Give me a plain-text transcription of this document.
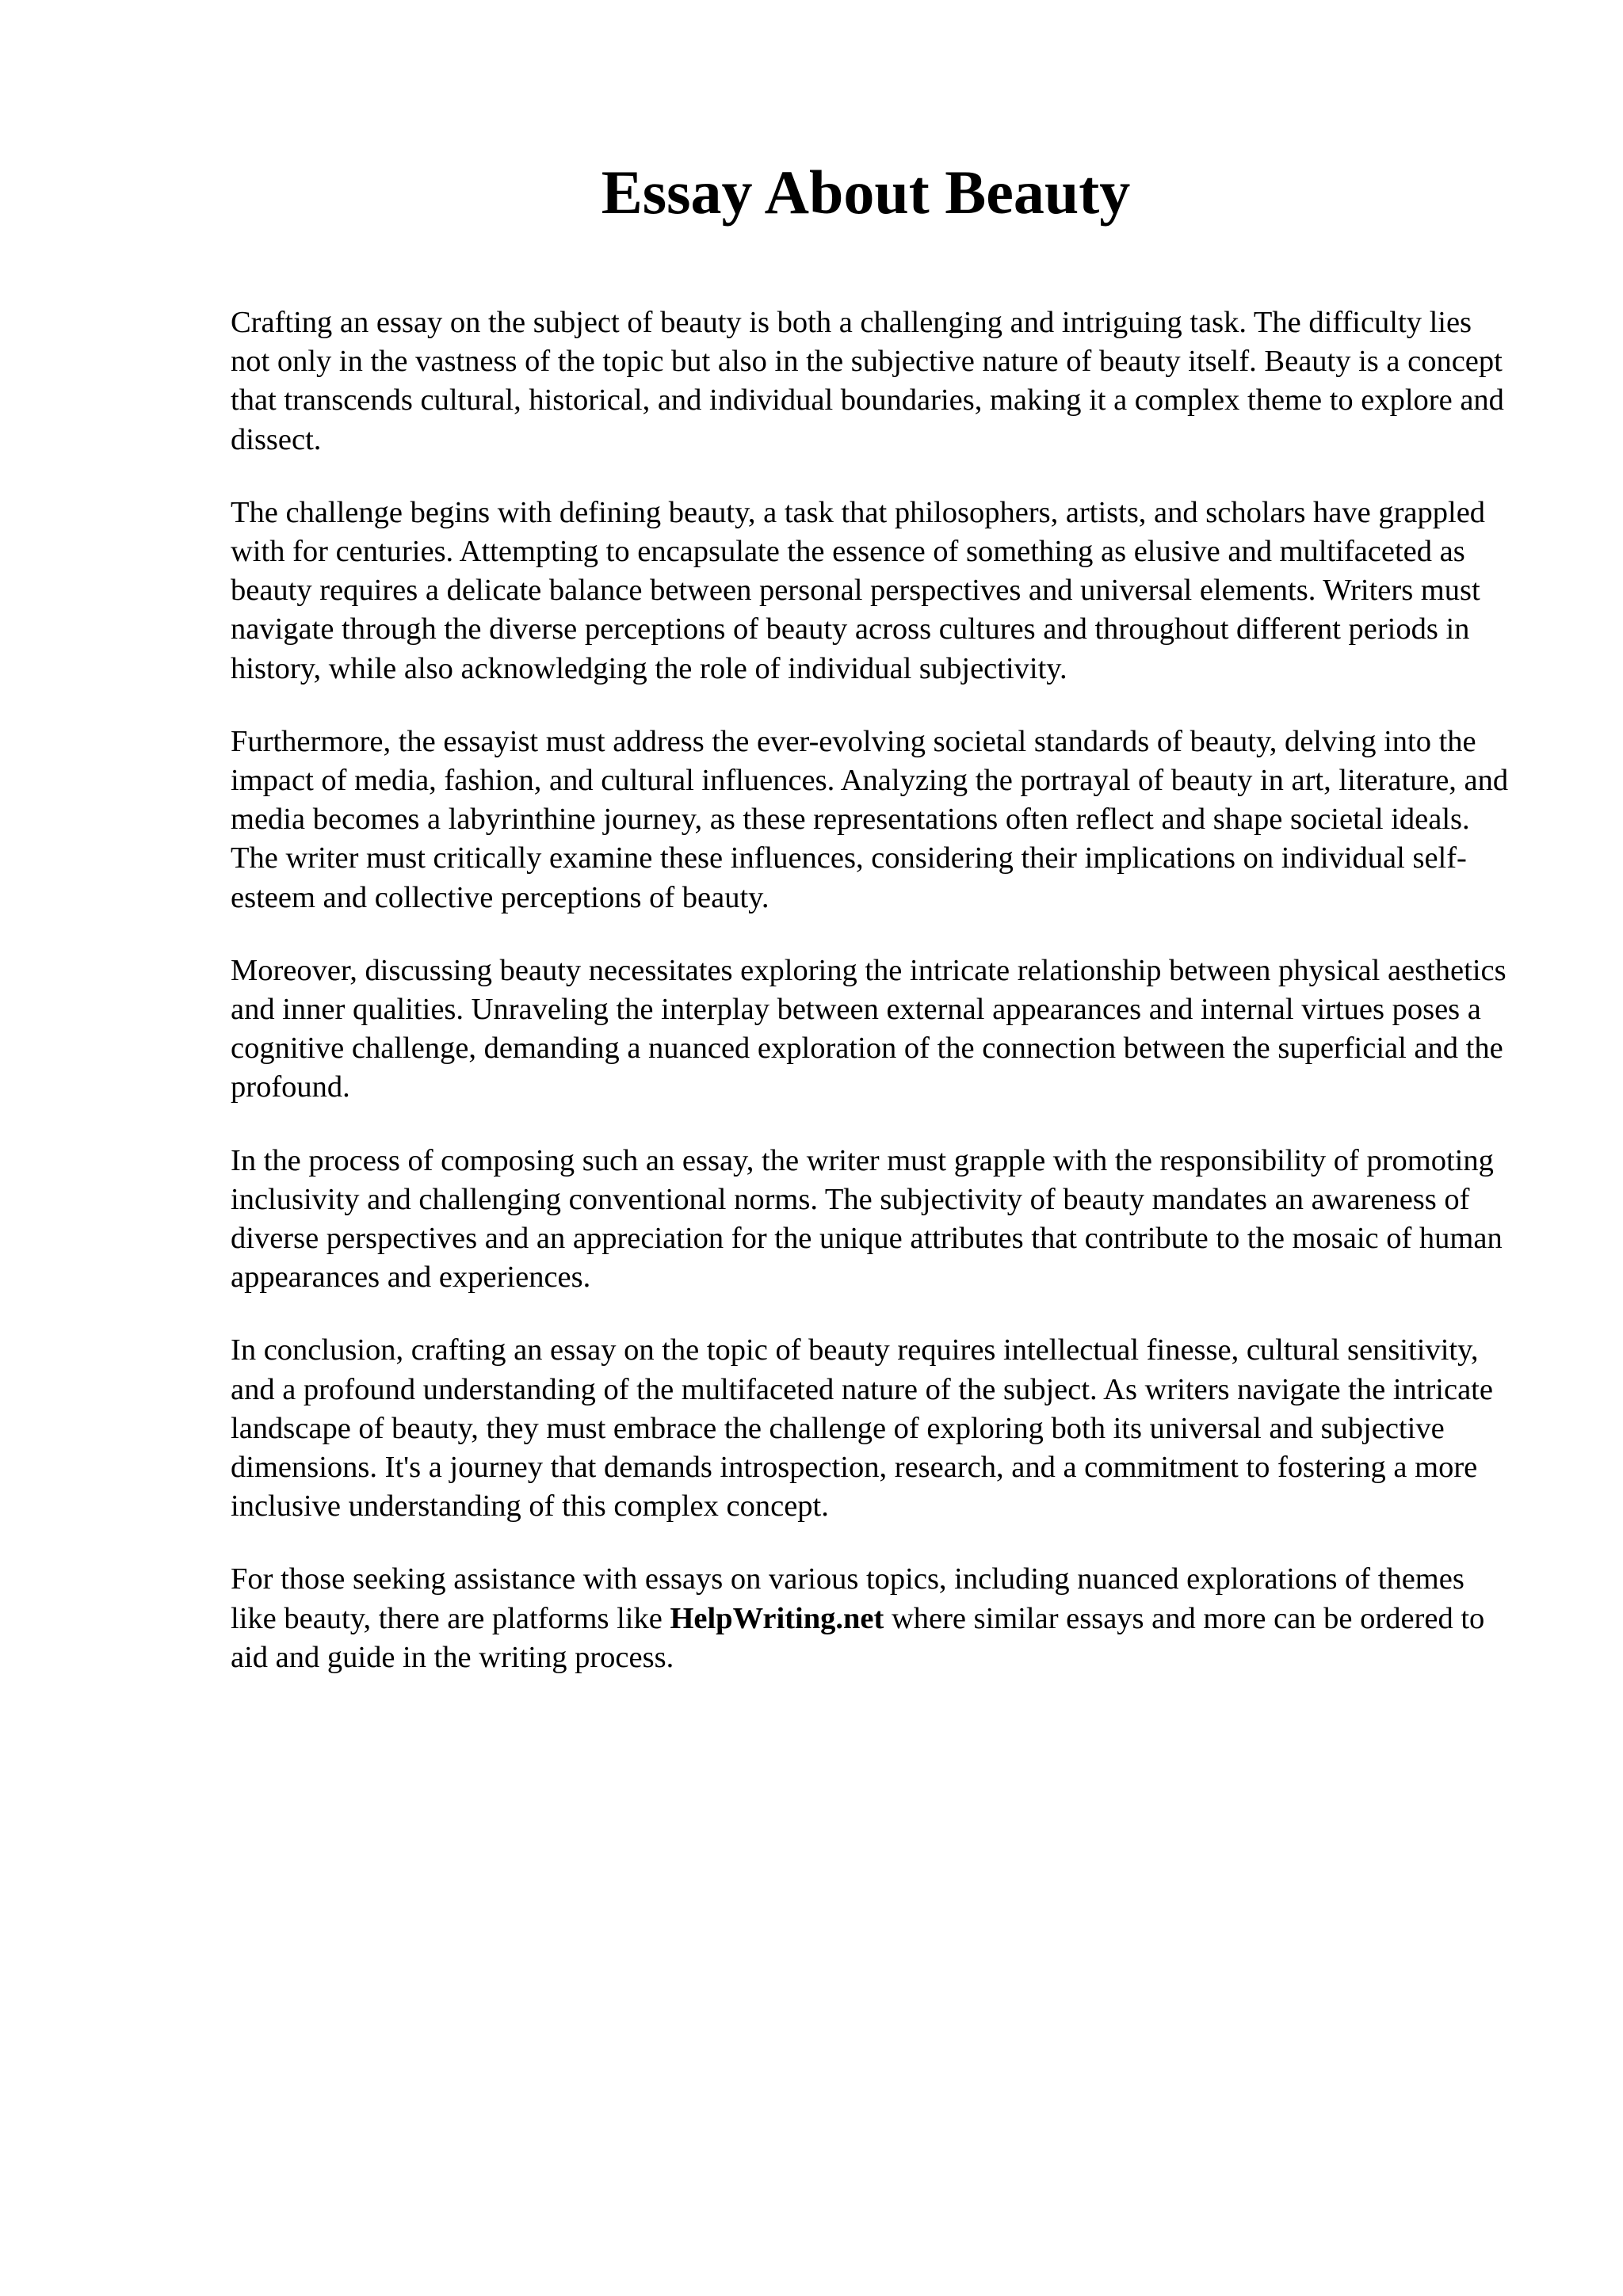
Essay About Beauty

Crafting an essay on the subject of beauty is both a challenging and intriguing task. The difficulty lies not only in the vastness of the topic but also in the subjective nature of beauty itself. Beauty is a concept that transcends cultural, historical, and individual boundaries, making it a complex theme to explore and dissect.

The challenge begins with defining beauty, a task that philosophers, artists, and scholars have grappled with for centuries. Attempting to encapsulate the essence of something as elusive and multifaceted as beauty requires a delicate balance between personal perspectives and universal elements. Writers must navigate through the diverse perceptions of beauty across cultures and throughout different periods in history, while also acknowledging the role of individual subjectivity.

Furthermore, the essayist must address the ever-evolving societal standards of beauty, delving into the impact of media, fashion, and cultural influences. Analyzing the portrayal of beauty in art, literature, and media becomes a labyrinthine journey, as these representations often reflect and shape societal ideals. The writer must critically examine these influences, considering their implications on individual self-esteem and collective perceptions of beauty.

Moreover, discussing beauty necessitates exploring the intricate relationship between physical aesthetics and inner qualities. Unraveling the interplay between external appearances and internal virtues poses a cognitive challenge, demanding a nuanced exploration of the connection between the superficial and the profound.

In the process of composing such an essay, the writer must grapple with the responsibility of promoting inclusivity and challenging conventional norms. The subjectivity of beauty mandates an awareness of diverse perspectives and an appreciation for the unique attributes that contribute to the mosaic of human appearances and experiences.

In conclusion, crafting an essay on the topic of beauty requires intellectual finesse, cultural sensitivity, and a profound understanding of the multifaceted nature of the subject. As writers navigate the intricate landscape of beauty, they must embrace the challenge of exploring both its universal and subjective dimensions. It's a journey that demands introspection, research, and a commitment to fostering a more inclusive understanding of this complex concept.

For those seeking assistance with essays on various topics, including nuanced explorations of themes like beauty, there are platforms like HelpWriting.net where similar essays and more can be ordered to aid and guide in the writing process.
